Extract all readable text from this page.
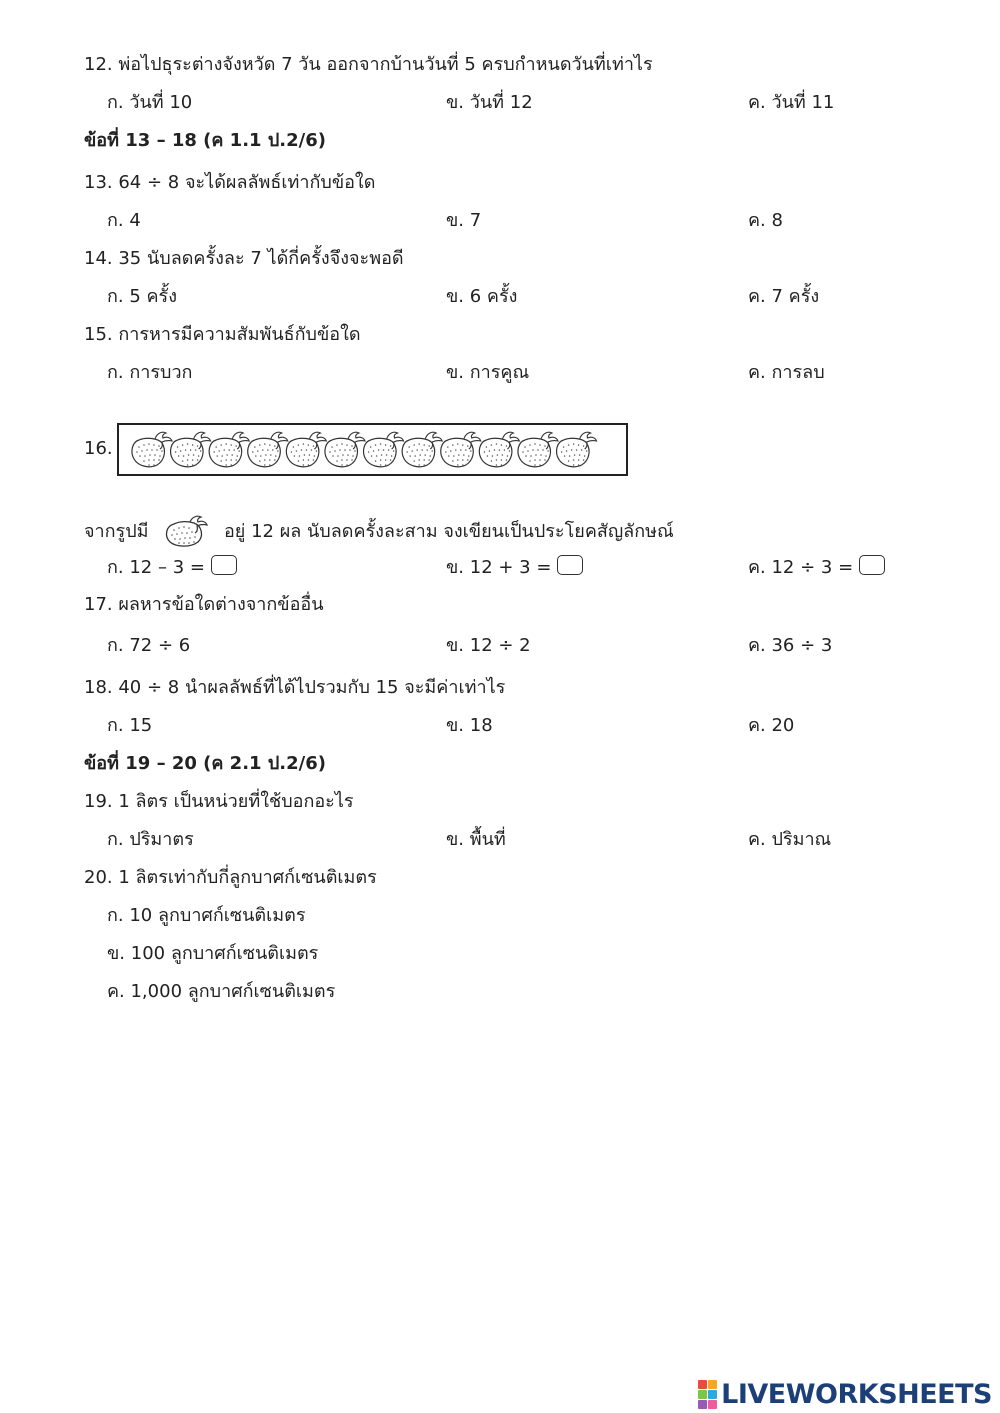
12. พ่อไปธุระต่างจังหวัด 7 วัน ออกจากบ้านวันที่ 5 ครบกำหนดวันที่เท่าไร
ก. วันที่ 10	ข. วันที่ 12	ค. วันที่ 11
ข้อที่ 13 – 18 (ค 1.1 ป.2/6)
13. 64 ÷ 8 จะได้ผลลัพธ์เท่ากับข้อใด
ก. 4	ข. 7	ค. 8
14. 35 นับลดครั้งละ 7 ได้กี่ครั้งจึงจะพอดี
ก. 5 ครั้ง	ข. 6 ครั้ง	ค. 7 ครั้ง
15. การหารมีความสัมพันธ์กับข้อใด
ก. การบวก	ข. การคูณ	ค. การลบ
16.
จากรูปมี	อยู่ 12 ผล นับลดครั้งละสาม จงเขียนเป็นประโยคสัญลักษณ์
ก. 12 – 3 =	ข. 12 + 3 =	ค. 12 ÷ 3 =
17. ผลหารข้อใดต่างจากข้ออื่น
ก. 72 ÷ 6	ข. 12 ÷ 2	ค. 36 ÷ 3
18. 40 ÷ 8 นำผลลัพธ์ที่ได้ไปรวมกับ 15 จะมีค่าเท่าไร
ก. 15	ข. 18	ค. 20
ข้อที่ 19 – 20 (ค 2.1 ป.2/6)
19. 1 ลิตร เป็นหน่วยที่ใช้บอกอะไร
ก. ปริมาตร	ข. พื้นที่	ค. ปริมาณ
20. 1 ลิตรเท่ากับกี่ลูกบาศก์เซนติเมตร
ก. 10 ลูกบาศก์เซนติเมตร
ข. 100 ลูกบาศก์เซนติเมตร
ค. 1,000 ลูกบาศก์เซนติเมตร
LIVEWORKSHEETS
